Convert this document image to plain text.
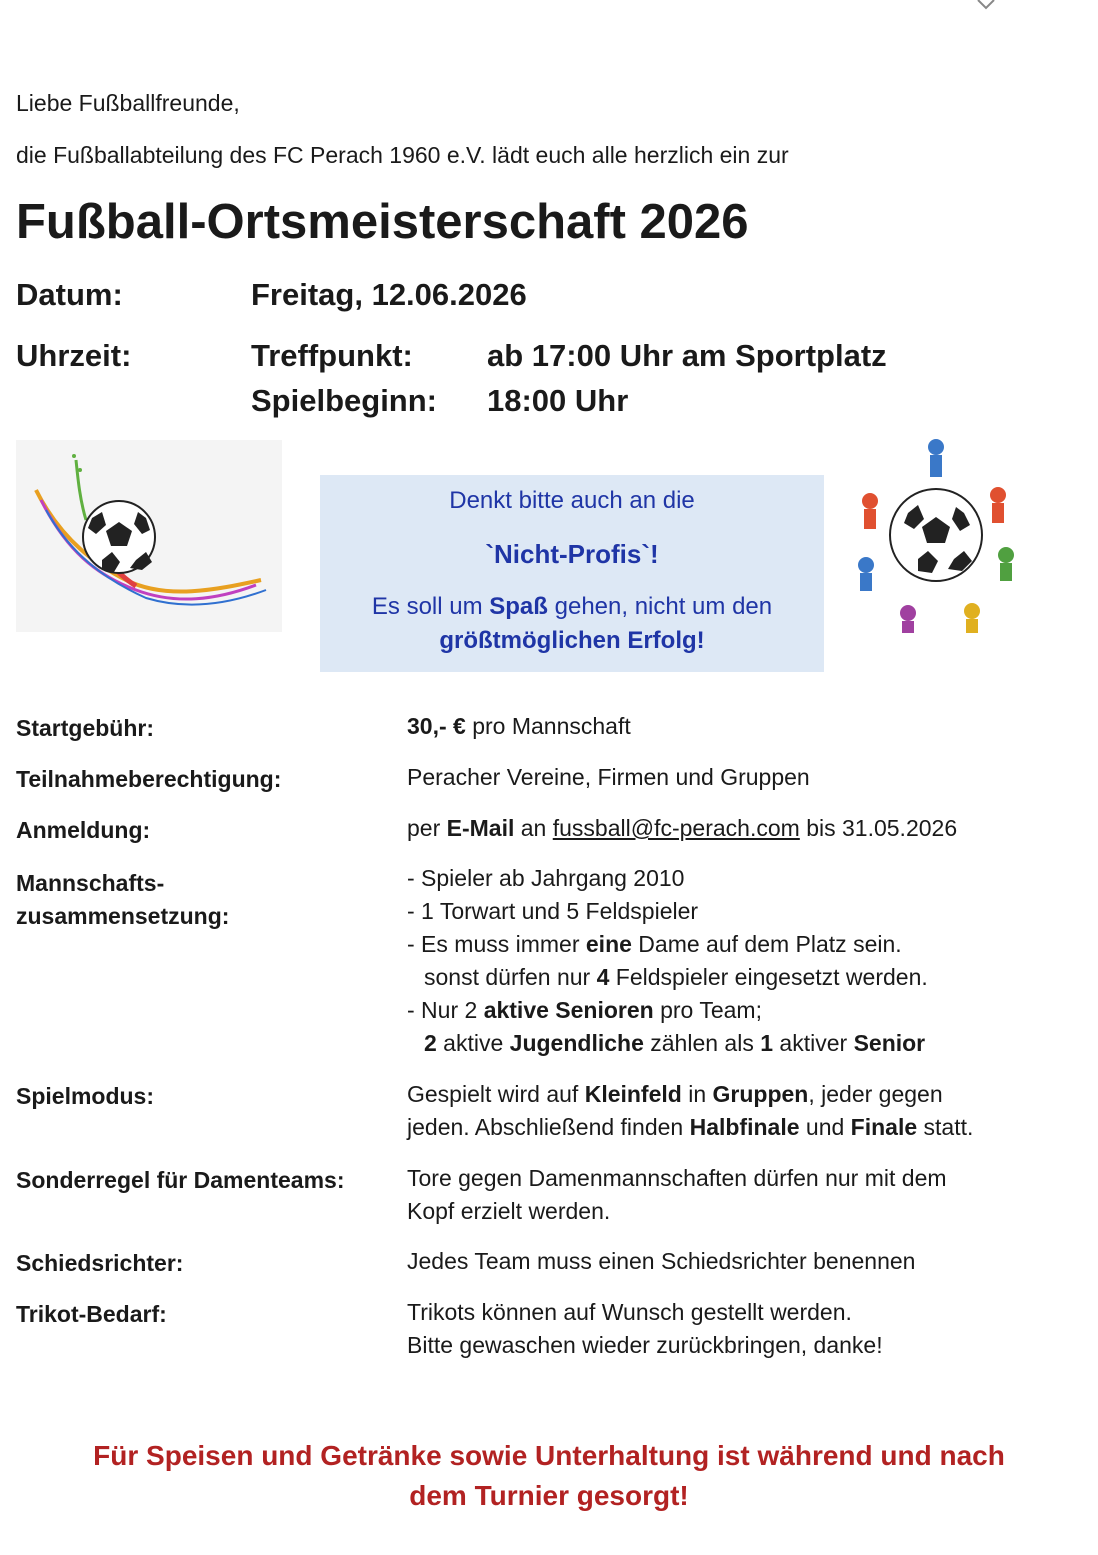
Liebe Fußballfreunde,
die Fußballabteilung des FC Perach 1960 e.V. lädt euch alle herzlich ein zur
Fußball-Ortsmeisterschaft 2026
Datum:	Freitag, 12.06.2026
Uhrzeit:	Treffpunkt: ab 17:00 Uhr am Sportplatz
Spielbeginn: 18:00 Uhr

Denkt bitte auch an die

`Nicht-Profis`!

Es soll um Spaß gehen, nicht um den

größtmöglichen Erfolg!

Startgebühr:	30,- € pro Mannschaft
Teilnahmeberechtigung:	Peracher Vereine, Firmen und Gruppen
Anmeldung:	per E-Mail an fussball@fc-perach.com bis 31.05.2026
Mannschafts-
zusammensetzung:
- Spieler ab Jahrgang 2010
- 1 Torwart und 5 Feldspieler
- Es muss immer eine Dame auf dem Platz sein.
sonst dürfen nur 4 Feldspieler eingesetzt werden.
- Nur 2 aktive Senioren pro Team;
2 aktive Jugendliche zählen als 1 aktiver Senior
Spielmodus:	Gespielt wird auf Kleinfeld in Gruppen, jeder gegen
jeden. Abschließend finden Halbfinale und Finale statt.
Sonderregel für Damenteams:	Tore gegen Damenmannschaften dürfen nur mit dem
Kopf erzielt werden.
Schiedsrichter:	Jedes Team muss einen Schiedsrichter benennen
Trikot-Bedarf:	Trikots können auf Wunsch gestellt werden.
Bitte gewaschen wieder zurückbringen, danke!
Für Speisen und Getränke sowie Unterhaltung ist während und nach
dem Turnier gesorgt!
